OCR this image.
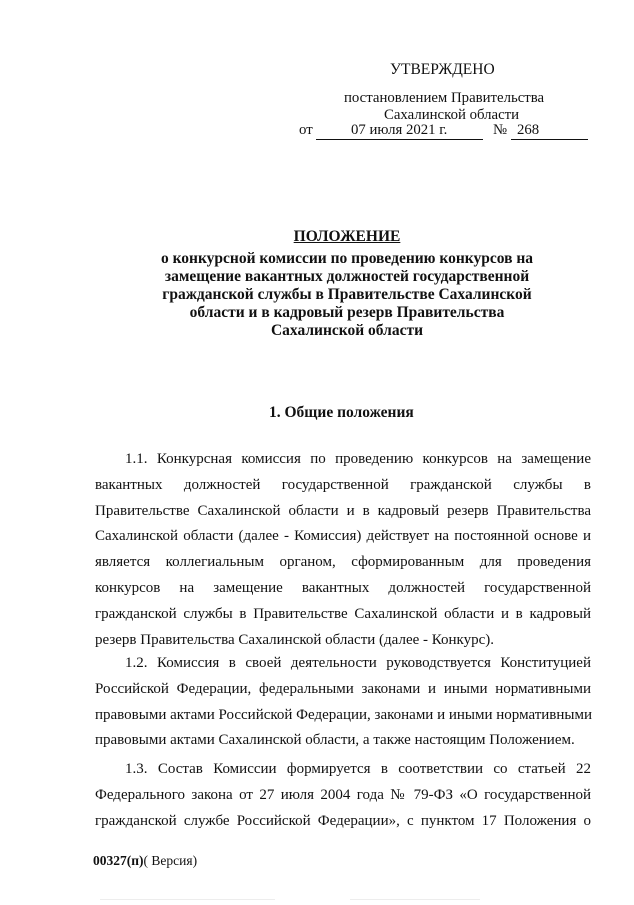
УТВЕРЖДЕНО
постановлением Правительства
Сахалинской области
от	07 июля 2021 г.	№ 268
ПОЛОЖЕНИЕ
о конкурсной комиссии по проведению конкурсов на
замещение вакантных должностей государственной
гражданской службы в Правительстве Сахалинской
области и в кадровый резерв Правительства
Сахалинской области
1. Общие положения
1.1. Конкурсная комиссия по проведению конкурсов на замещение
вакантных должностей государственной гражданской службы в
Правительстве Сахалинской области и в кадровый резерв Правительства
Сахалинской области (далее - Комиссия) действует на постоянной основе и
является коллегиальным органом, сформированным для проведения
конкурсов на замещение вакантных должностей государственной
гражданской службы в Правительстве Сахалинской области и в кадровый
резерв Правительства Сахалинской области (далее - Конкурс).
1.2. Комиссия в своей деятельности руководствуется Конституцией
Российской Федерации, федеральными законами и иными нормативными
правовыми актами Российской Федерации, законами и иными нормативными
правовыми актами Сахалинской области, а также настоящим Положением.
1.3. Состав Комиссии формируется в соответствии со статьей 22
Федерального закона от 27 июля 2004 года № 79-ФЗ «О государственной
гражданской службе Российской Федерации», с пунктом 17 Положения о
00327(п)( Версия)
